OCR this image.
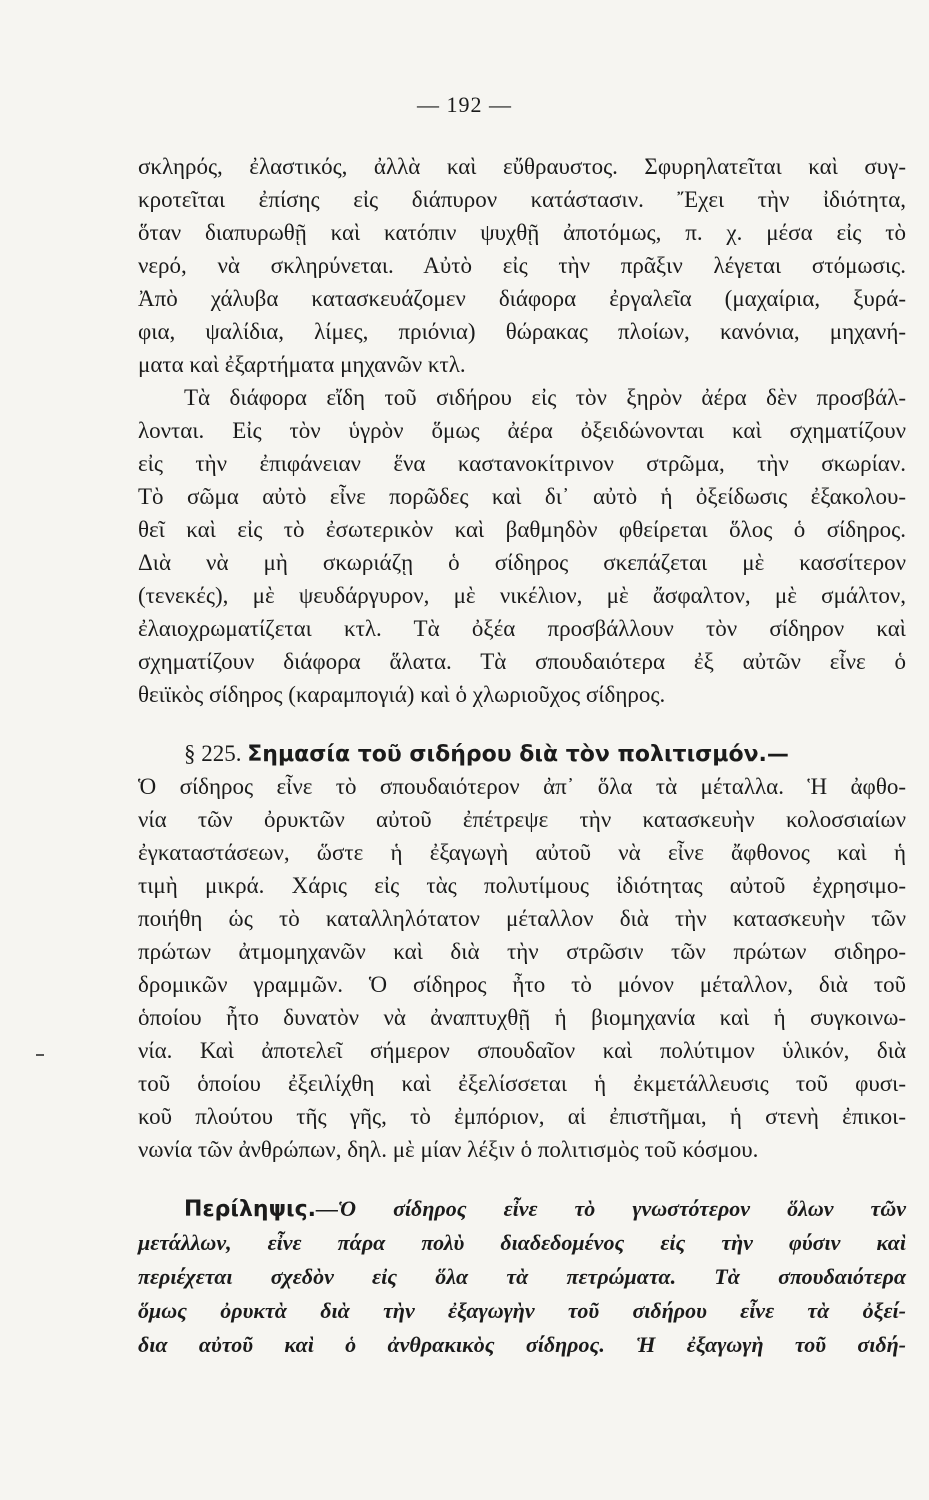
— 192 —
σκληρός, ἐλαστικός, ἀλλὰ καὶ εὔθραυστος. Σφυρηλατεῖται καὶ συγ-
κροτεῖται ἐπίσης εἰς διάπυρον κατάστασιν. Ἔχει τὴν ἰδιότητα,
ὅταν διαπυρωθῇ καὶ κατόπιν ψυχθῇ ἀποτόμως, π. χ. μέσα εἰς τὸ
νερό, νὰ σκληρύνεται. Αὐτὸ εἰς τὴν πρᾶξιν λέγεται στόμωσις.
Ἀπὸ χάλυβα κατασκευάζομεν διάφορα ἐργαλεῖα (μαχαίρια, ξυρά-
φια, ψαλίδια, λίμες, πριόνια) θώρακας πλοίων, κανόνια, μηχανή-
ματα καὶ ἐξαρτήματα μηχανῶν κτλ.
Τὰ διάφορα εἴδη τοῦ σιδήρου εἰς τὸν ξηρὸν ἀέρα δὲν προσβάλ-
λονται. Εἰς τὸν ὑγρὸν ὅμως ἀέρα ὀξειδώνονται καὶ σχηματίζουν
εἰς τὴν ἐπιφάνειαν ἕνα καστανοκίτρινον στρῶμα, τὴν σκωρίαν.
Τὸ σῶμα αὐτὸ εἶνε πορῶδες καὶ δι᾽ αὐτὸ ἡ ὀξείδωσις ἐξακολου-
θεῖ καὶ εἰς τὸ ἐσωτερικὸν καὶ βαθμηδὸν φθείρεται ὅλος ὁ σίδηρος.
Διὰ νὰ μὴ σκωριάζῃ ὁ σίδηρος σκεπάζεται μὲ κασσίτερον
(τενεκές), μὲ ψευδάργυρον, μὲ νικέλιον, μὲ ἄσφαλτον, μὲ σμάλτον,
ἐλαιοχρωματίζεται κτλ. Τὰ ὀξέα προσβάλλουν τὸν σίδηρον καὶ
σχηματίζουν διάφορα ἅλατα. Τὰ σπουδαιότερα ἐξ αὐτῶν εἶνε ὁ
θειϊκὸς σίδηρος (καραμπογιά) καὶ ὁ χλωριοῦχος σίδηρος.
§ 225. Σημασία τοῦ σιδήρου διὰ τὸν πολιτισμόν.—
Ὁ σίδηρος εἶνε τὸ σπουδαιότερον ἀπ᾽ ὅλα τὰ μέταλλα. Ἡ ἀφθο-
νία τῶν ὀρυκτῶν αὐτοῦ ἐπέτρεψε τὴν κατασκευὴν κολοσσιαίων
ἐγκαταστάσεων, ὥστε ἡ ἐξαγωγὴ αὐτοῦ νὰ εἶνε ἄφθονος καὶ ἡ
τιμὴ μικρά. Χάρις εἰς τὰς πολυτίμους ἰδιότητας αὐτοῦ ἐχρησιμο-
ποιήθη ὡς τὸ καταλληλότατον μέταλλον διὰ τὴν κατασκευὴν τῶν
πρώτων ἀτμομηχανῶν καὶ διὰ τὴν στρῶσιν τῶν πρώτων σιδηρο-
δρομικῶν γραμμῶν. Ὁ σίδηρος ἦτο τὸ μόνον μέταλλον, διὰ τοῦ
ὁποίου ἦτο δυνατὸν νὰ ἀναπτυχθῇ ἡ βιομηχανία καὶ ἡ συγκοινω-
νία. Καὶ ἀποτελεῖ σήμερον σπουδαῖον καὶ πολύτιμον ὑλικόν, διὰ
τοῦ ὁποίου ἐξειλίχθη καὶ ἐξελίσσεται ἡ ἐκμετάλλευσις τοῦ φυσι-
κοῦ πλούτου τῆς γῆς, τὸ ἐμπόριον, αἱ ἐπιστῆμαι, ἡ στενὴ ἐπικοι-
νωνία τῶν ἀνθρώπων, δηλ. μὲ μίαν λέξιν ὁ πολιτισμὸς τοῦ κόσμου.
Περίληψις.—Ὁ σίδηρος εἶνε τὸ γνωστότερον ὅλων τῶν
μετάλλων, εἶνε πάρα πολὺ διαδεδομένος εἰς τὴν φύσιν καὶ
περιέχεται σχεδὸν εἰς ὅλα τὰ πετρώματα. Τὰ σπουδαιότερα
ὅμως ὀρυκτὰ διὰ τὴν ἐξαγωγὴν τοῦ σιδήρου εἶνε τὰ ὀξεί-
δια αὐτοῦ καὶ ὁ ἀνθρακικὸς σίδηρος. Ἡ ἐξαγωγὴ τοῦ σιδή-
